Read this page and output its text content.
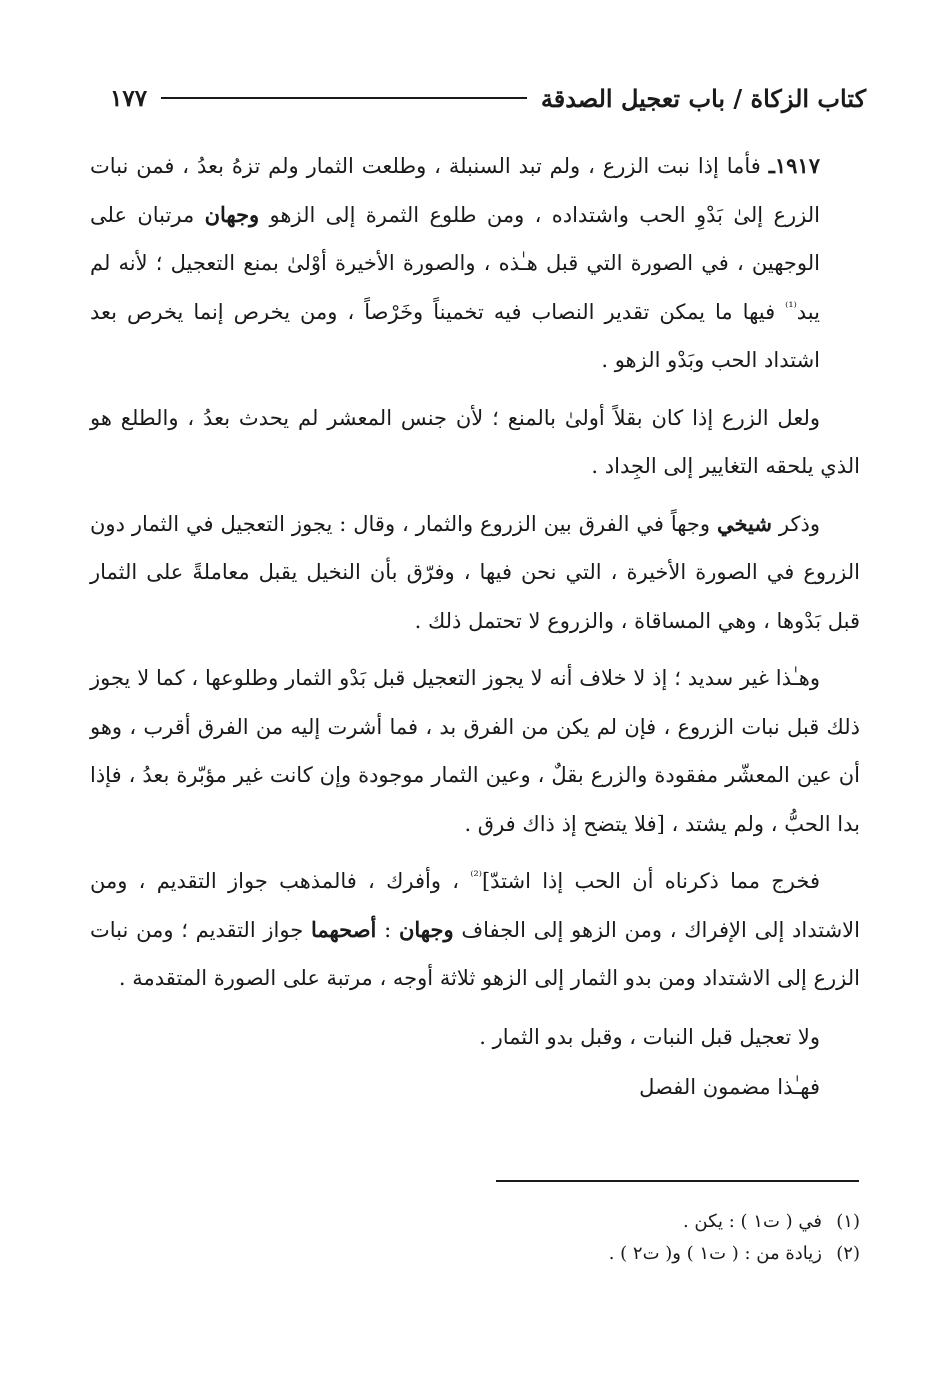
كتاب الزكاة / باب تعجيل الصدقة
١٧٧

١٩١٧ـ فأما إذا نبت الزرع ، ولم تبد السنبلة ، وطلعت الثمار ولم تزهُ بعدُ ، فمن نبات الزرع إلىٰ بَدْوِ الحب واشتداده ، ومن طلوع الثمرة إلى الزهو وجهان مرتبان على الوجهين ، في الصورة التي قبل هـٰذه ، والصورة الأخيرة أوْلىٰ بمنع التعجيل ؛ لأنه لم يبد$^{^{(1)}}$ فيها ما يمكن تقدير النصاب فيه تخميناً وخَرْصاً ، ومن يخرص إنما يخرص بعد اشتداد الحب وبَدْو الزهو .

ولعل الزرع إذا كان بقلاً أولىٰ بالمنع ؛ لأن جنس المعشر لم يحدث بعدُ ، والطلع هو الذي يلحقه التغايير إلى الجِداد .

وذكر شيخي وجهاً في الفرق بين الزروع والثمار ، وقال : يجوز التعجيل في الثمار دون الزروع في الصورة الأخيرة ، التي نحن فيها ، وفرّق بأن النخيل يقبل معاملةً على الثمار قبل بَدْوها ، وهي المساقاة ، والزروع لا تحتمل ذلك .

وهـٰذا غير سديد ؛ إذ لا خلاف أنه لا يجوز التعجيل قبل بَدْو الثمار وطلوعها ، كما لا يجوز ذلك قبل نبات الزروع ، فإن لم يكن من الفرق بد ، فما أشرت إليه من الفرق أقرب ، وهو أن عين المعشّر مفقودة والزرع بقلٌ ، وعين الثمار موجودة وإن كانت غير مؤبّرة بعدُ ، فإذا بدا الحبُّ ، ولم يشتد ، [فلا يتضح إذ ذاك فرق .

فخرج مما ذكرناه أن الحب إذا اشتدّ]$^{^{(2)}}$ ، وأفرك ، فالمذهب جواز التقديم ، ومن الاشتداد إلى الإفراك ، ومن الزهو إلى الجفاف وجهان : أصحهما جواز التقديم ؛ ومن نبات الزرع إلى الاشتداد ومن بدو الثمار إلى الزهو ثلاثة أوجه ، مرتبة على الصورة المتقدمة .

ولا تعجيل قبل النبات ، وقبل بدو الثمار .

فهـٰذا مضمون الفصل

(١)
في ( ت١ ) : يكن .
(٢)
زيادة من : ( ت١ ) و( ت٢ ) .
